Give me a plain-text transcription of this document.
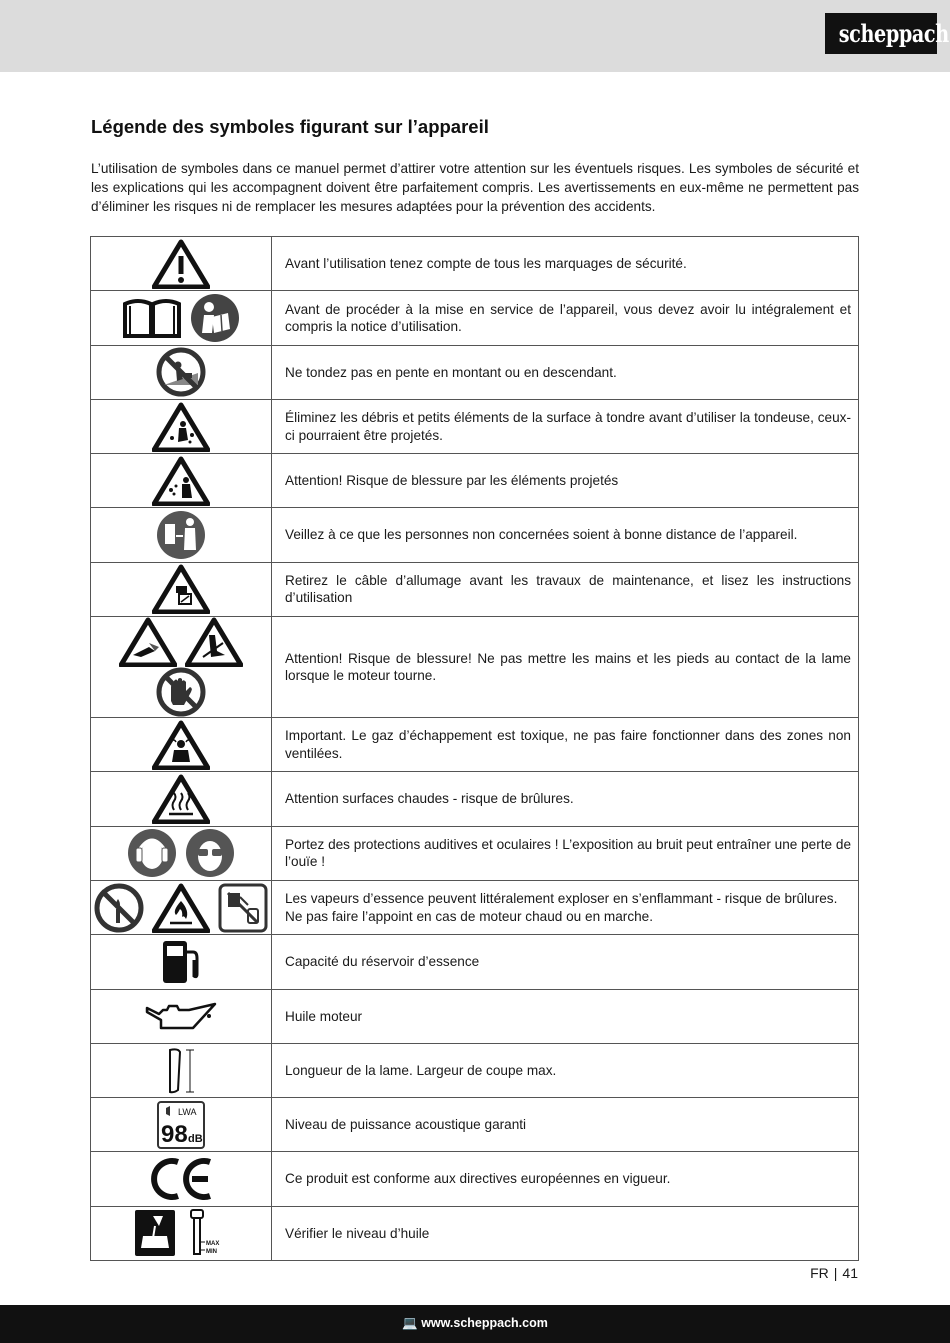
scheppach
Légende des symboles figurant sur l’appareil

L’utilisation de symboles dans ce manuel permet d’attirer votre attention sur les éventuels risques. Les symboles de sécurité et les explications qui les accompagnent doivent être parfaitement compris. Les avertissements en eux-même ne permettent pas d’éliminer les risques ni de remplacer les mesures adaptées pour la prévention des accidents.

	Avant l’utilisation tenez compte de tous les marquages de sécurité.
	Avant de procéder à la mise en service de l’appareil, vous devez avoir lu intégralement et compris la notice d’utilisation.
	Ne tondez pas en pente en montant ou en descendant.
	Éliminez les débris et petits éléments de la surface à tondre avant d’utiliser la tondeuse, ceux-ci pourraient être projetés.
	Attention! Risque de blessure par les éléments projetés
	Veillez à ce que les personnes non concernées soient à bonne distance de l’appareil.
	Retirez le câble d’allumage avant les travaux de maintenance, et lisez les instructions d’utilisation
	Attention! Risque de blessure! Ne pas mettre les mains et les pieds au contact de la lame lorsque le moteur tourne.
	Important. Le gaz d’échappement est toxique, ne pas faire fonctionner dans des zones non ventilées.
	Attention surfaces chaudes - risque de brûlures.
	Portez des protections auditives et oculaires ! L’exposition au bruit peut entraîner une perte de l’ouïe !
	Les vapeurs d’essence peuvent littéralement exploser en s’enflammant - risque de brûlures.
Ne pas faire l’appoint en cas de moteur chaud ou en marche.
	Capacité du réservoir d’essence
	Huile moteur
	Longueur de la lame. Largeur de coupe max.

LWA
98 dB	Niveau de puissance acoustique garanti
	Ce produit est conforme aux directives européennes en vigueur.

MAX
MIN	Vérifier le niveau d’huile
FR | 41
💻 www.scheppach.com
